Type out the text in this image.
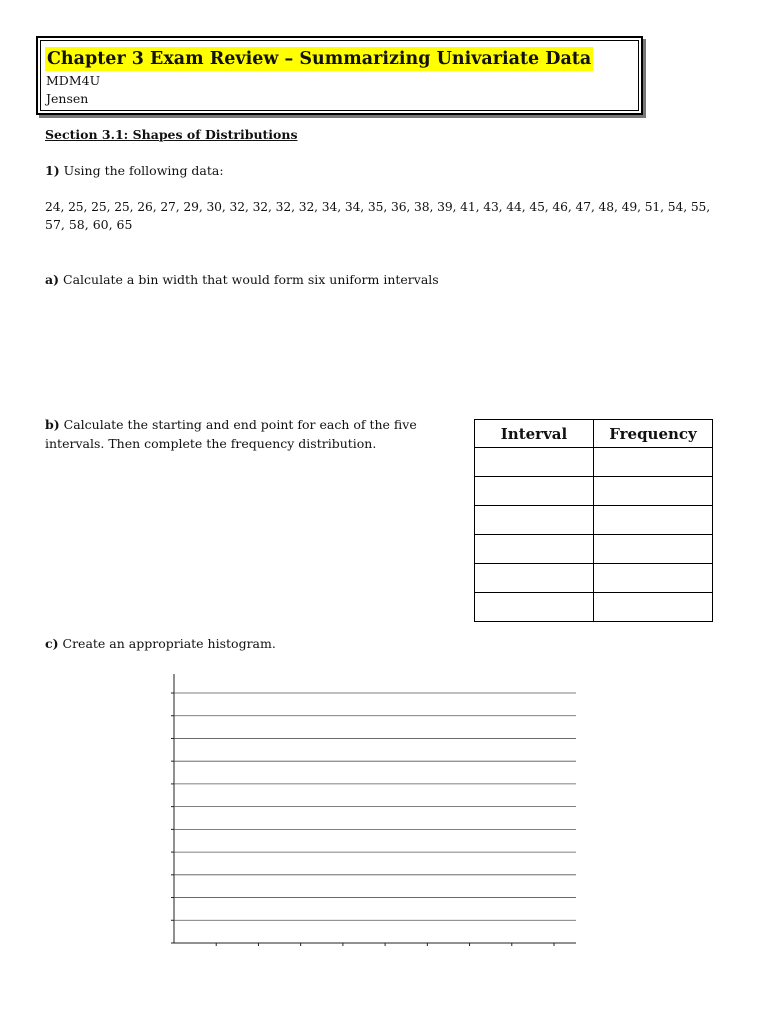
Chapter 3 Exam Review – Summarizing Univariate Data
MDM4U
Jensen
Section 3.1: Shapes of Distributions
1) Using the following data:
24, 25, 25, 25, 26, 27, 29, 30, 32, 32, 32, 32, 34, 34, 35, 36, 38, 39, 41, 43, 44, 45, 46, 47, 48, 49, 51, 54, 55,
57, 58, 60, 65
a) Calculate a bin width that would form six uniform intervals
b) Calculate the starting and end point for each of the five
intervals. Then complete the frequency distribution.
Interval	Frequency

c) Create an appropriate histogram.
